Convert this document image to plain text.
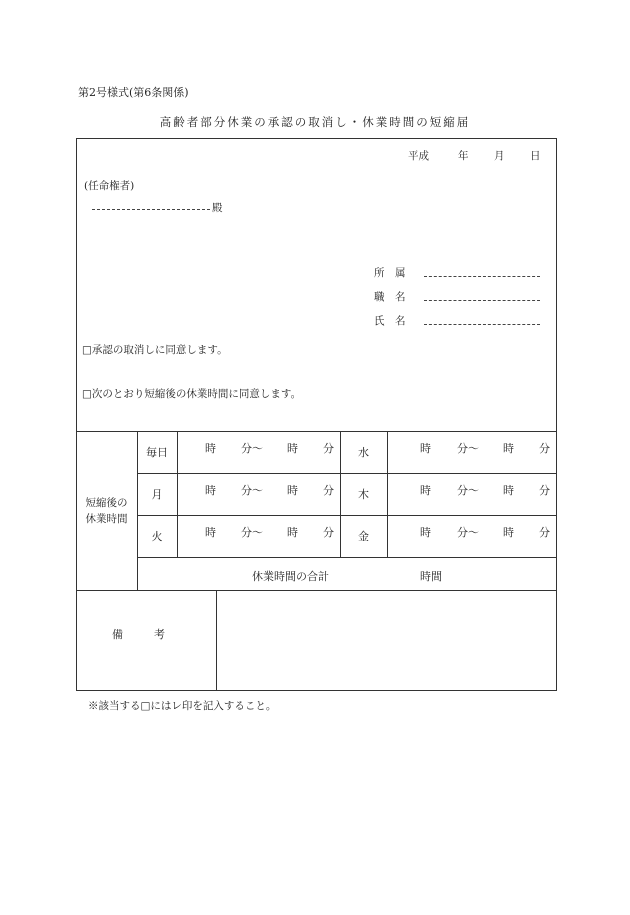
第2号様式(第6条関係)
高齢者部分休業の承認の取消し・休業時間の短縮届
平成	年 月 日
(任命権者)
殿
所　属
職　名
氏　名
□承認の取消しに同意します。
□次のとおり短縮後の休業時間に同意します。
短縮後の
休業時間
毎日	時 分〜 時 分	水	時 分〜 時 分
月	時 分〜 時 分	木	時 分〜 時 分
火	時 分〜 時 分	金	時 分〜 時 分
休業時間の合計	時間
備　　考
※該当する□にはレ印を記入すること。
